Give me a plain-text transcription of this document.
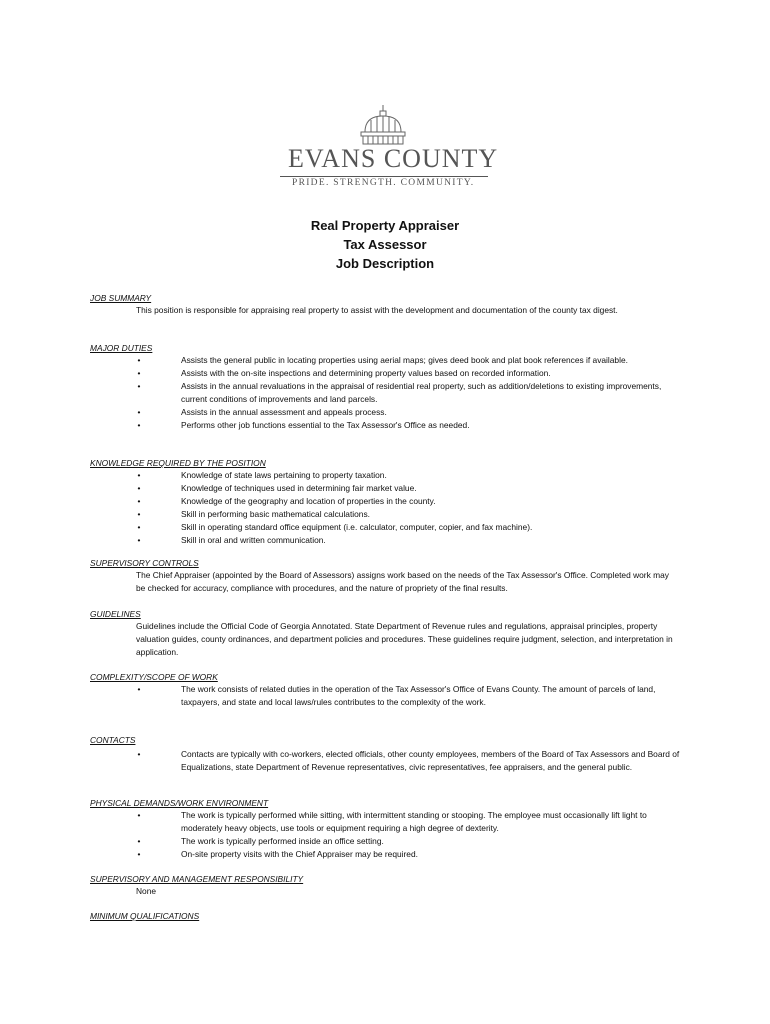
EVANS COUNTY
PRIDE. STRENGTH. COMMUNITY.
Real Property Appraiser
Tax Assessor
Job Description
JOB SUMMARY
This position is responsible for appraising real property to assist with the development and documentation of the county tax digest.
MAJOR DUTIES
•	Assists the general public in locating properties using aerial maps; gives deed book and plat book references if available.
•	Assists with the on-site inspections and determining property values based on recorded information.
•	Assists in the annual revaluations in the appraisal of residential real property, such as addition/deletions to existing improvements, current conditions of improvements and land parcels.
•	Assists in the annual assessment and appeals process.
•	Performs other job functions essential to the Tax Assessor's Office as needed.
KNOWLEDGE REQUIRED BY THE POSITION
•	Knowledge of state laws pertaining to property taxation.
•	Knowledge of techniques used in determining fair market value.
•	Knowledge of the geography and location of properties in the county.
•	Skill in performing basic mathematical calculations.
•	Skill in operating standard office equipment (i.e. calculator, computer, copier, and fax machine).
•	Skill in oral and written communication.
SUPERVISORY CONTROLS
The Chief Appraiser (appointed by the Board of Assessors) assigns work based on the needs of the Tax Assessor's Office. Completed work may be checked for accuracy, compliance with procedures, and the nature of propriety of the final results.
GUIDELINES
Guidelines include the Official Code of Georgia Annotated. State Department of Revenue rules and regulations, appraisal principles, property valuation guides, county ordinances, and department policies and procedures. These guidelines require judgment, selection, and interpretation in application.
COMPLEXITY/SCOPE OF WORK
•	The work consists of related duties in the operation of the Tax Assessor's Office of Evans County. The amount of parcels of land, taxpayers, and state and local laws/rules contributes to the complexity of the work.
CONTACTS
•	Contacts are typically with co-workers, elected officials, other county employees, members of the Board of Tax Assessors and Board of Equalizations, state Department of Revenue representatives, civic representatives, fee appraisers, and the general public.
PHYSICAL DEMANDS/WORK ENVIRONMENT
•	The work is typically performed while sitting, with intermittent standing or stooping. The employee must occasionally lift light to moderately heavy objects, use tools or equipment requiring a high degree of dexterity.
•	The work is typically performed inside an office setting.
•	On-site property visits with the Chief Appraiser may be required.
SUPERVISORY AND MANAGEMENT RESPONSIBILITY
None
MINIMUM QUALIFICATIONS
